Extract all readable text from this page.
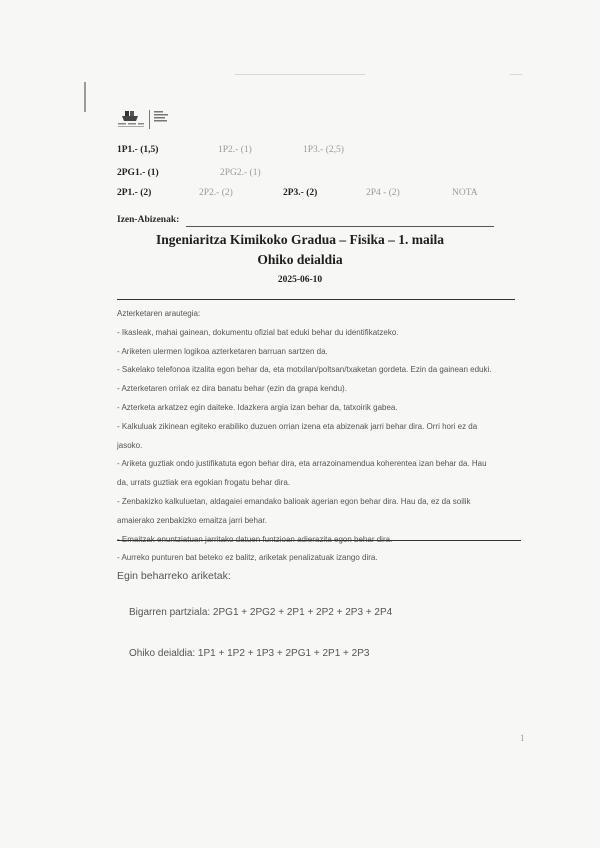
1P1.- (1,5)	1P2.- (1)	1P3.- (2,5)
2PG1.- (1)	2PG2.- (1)
2P1.- (2)	2P2.- (2)	2P3.- (2)	2P4 - (2)	NOTA
Izen-Abizenak:
Ingeniaritza Kimikoko Gradua – Fisika – 1. maila
Ohiko deialdia
2025-06-10
Azterketaren arautegia:
- Ikasleak, mahai gainean, dokumentu ofizial bat eduki behar du identifikatzeko.
- Ariketen ulermen logikoa azterketaren barruan sartzen da.
- Sakelako telefonoa itzalita egon behar da, eta motxilan/poltsan/txaketan gordeta. Ezin da gainean eduki.
- Azterketaren orriak ez dira banatu behar (ezin da grapa kendu).
- Azterketa arkatzez egin daiteke. Idazkera argia izan behar da, tatxoirik gabea.
- Kalkuluak zikinean egiteko erabiliko duzuen orrian izena eta abizenak jarri behar dira. Orri hori ez da
jasoko.
- Ariketa guztiak ondo justifikatuta egon behar dira, eta arrazoinamendua koherentea izan behar da. Hau
da, urrats guztiak era egokian frogatu behar dira.
- Zenbakizko kalkuluetan, aldagaiei emandako balioak agerian egon behar dira. Hau da, ez da soilik
amaierako zenbakizko emaitza jarri behar.
- Emaitzak enuntziatuan jarritako datuen funtzioan adierazita egon behar dira.
- Aurreko punturen bat beteko ez balitz, ariketak penalizatuak izango dira.
Egin beharreko ariketak:
Bigarren partziala: 2PG1 + 2PG2 + 2P1 + 2P2 + 2P3 + 2P4
Ohiko deialdia: 1P1 + 1P2 + 1P3 + 2PG1 + 2P1 + 2P3
1
